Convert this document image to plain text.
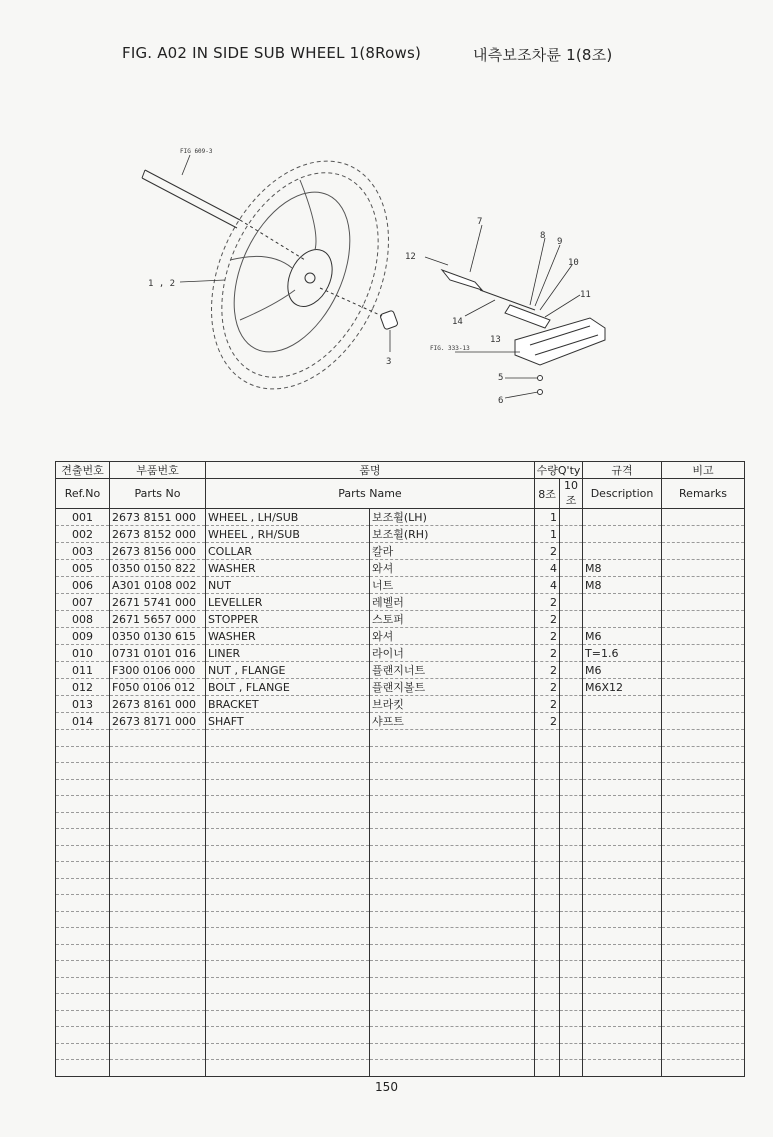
FIG. A02 IN SIDE SUB WHEEL 1(8Rows)	내측보조차륜 1(8조)
FIG 609-3
1 , 2
3
5
6
7
8
9
10
11
12
13
14
FIG. 333-13
견출번호	부품번호	품명		수량Q'ty		규격	비고
Ref.No	Parts No	Parts Name		8조	10조	Description	Remarks
001	2673 8151 000	WHEEL , LH/SUB	보조휠(LH)	1			
002	2673 8152 000	WHEEL , RH/SUB	보조휠(RH)	1			
003	2673 8156 000	COLLAR	칼라	2			
005	0350 0150 822	WASHER	와셔	4		M8	
006	A301 0108 002	NUT	너트	4		M8	
007	2671 5741 000	LEVELLER	레벨러	2			
008	2671 5657 000	STOPPER	스토퍼	2			
009	0350 0130 615	WASHER	와셔	2		M6	
010	0731 0101 016	LINER	라이너	2		T=1.6	
011	F300 0106 000	NUT , FLANGE	플랜지너트	2		M6	
012	F050 0106 012	BOLT , FLANGE	플랜지볼트	2		M6X12	
013	2673 8161 000	BRACKET	브라킷	2			
014	2673 8171 000	SHAFT	샤프트	2			

150
